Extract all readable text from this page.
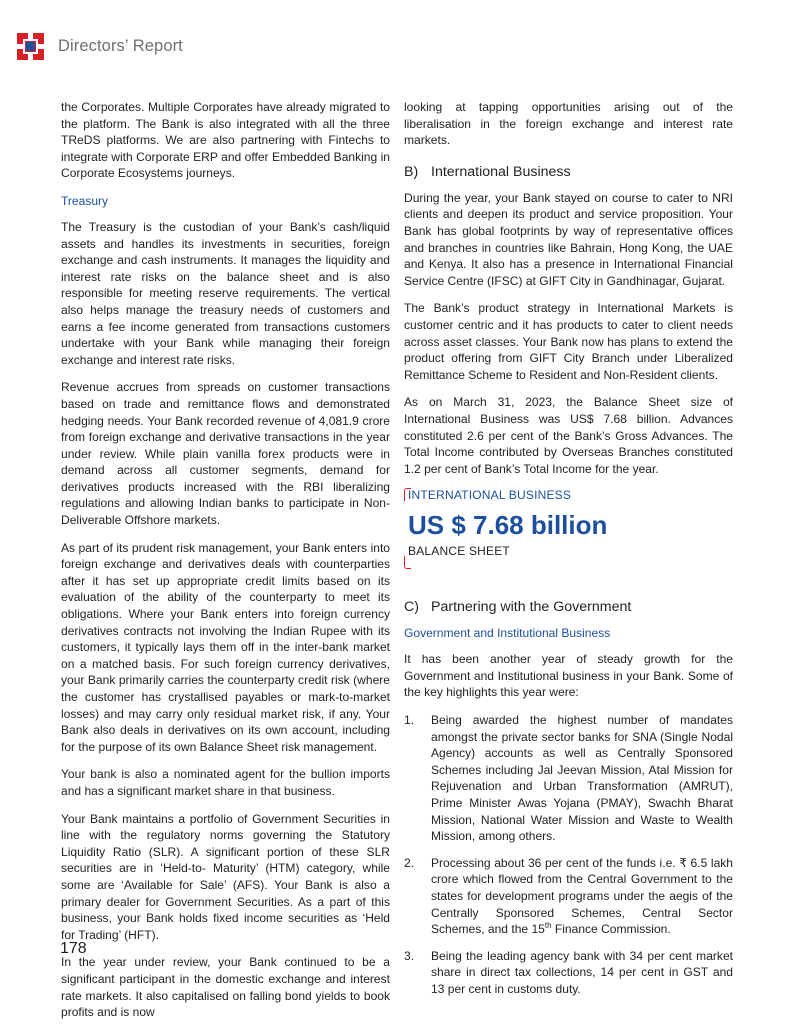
Directors’ Report

the Corporates. Multiple Corporates have already migrated to the platform. The Bank is also integrated with all the three TReDS platforms. We are also partnering with Fintechs to integrate with Corporate ERP and offer Embedded Banking in Corporate Ecosystems journeys.

Treasury

The Treasury is the custodian of your Bank’s cash/liquid assets and handles its investments in securities, foreign exchange and cash instruments. It manages the liquidity and interest rate risks on the balance sheet and is also responsible for meeting reserve requirements. The vertical also helps manage the treasury needs of customers and earns a fee income generated from transactions customers undertake with your Bank while managing their foreign exchange and interest rate risks.

Revenue accrues from spreads on customer transactions based on trade and remittance flows and demonstrated hedging needs. Your Bank recorded revenue of 4,081.9 crore from foreign exchange and derivative transactions in the year under review. While plain vanilla forex products were in demand across all customer segments, demand for derivatives products increased with the RBI liberalizing regulations and allowing Indian banks to participate in Non-Deliverable Offshore markets.

As part of its prudent risk management, your Bank enters into foreign exchange and derivatives deals with counterparties after it has set up appropriate credit limits based on its evaluation of the ability of the counterparty to meet its obligations. Where your Bank enters into foreign currency derivatives contracts not involving the Indian Rupee with its customers, it typically lays them off in the inter-bank market on a matched basis. For such foreign currency derivatives, your Bank primarily carries the counterparty credit risk (where the customer has crystallised payables or mark-to-market losses) and may carry only residual market risk, if any. Your Bank also deals in derivatives on its own account, including for the purpose of its own Balance Sheet risk management.

Your bank is also a nominated agent for the bullion imports and has a significant market share in that business.

Your Bank maintains a portfolio of Government Securities in line with the regulatory norms governing the Statutory Liquidity Ratio (SLR). A significant portion of these SLR securities are in ‘Held-to- Maturity’ (HTM) category, while some are ‘Available for Sale’ (AFS). Your Bank is also a primary dealer for Government Securities. As a part of this business, your Bank holds fixed income securities as ‘Held for Trading’ (HFT).

In the year under review, your Bank continued to be a significant participant in the domestic exchange and interest rate markets. It also capitalised on falling bond yields to book profits and is now

looking at tapping opportunities arising out of the liberalisation in the foreign exchange and interest rate markets.

B) International Business

During the year, your Bank stayed on course to cater to NRI clients and deepen its product and service proposition. Your Bank has global footprints by way of representative offices and branches in countries like Bahrain, Hong Kong, the UAE and Kenya. It also has a presence in International Financial Service Centre (IFSC) at GIFT City in Gandhinagar, Gujarat.

The Bank’s product strategy in International Markets is customer centric and it has products to cater to client needs across asset classes. Your Bank now has plans to extend the product offering from GIFT City Branch under Liberalized Remittance Scheme to Resident and Non-Resident clients.

As on March 31, 2023, the Balance Sheet size of International Business was US$ 7.68 billion. Advances constituted 2.6 per cent of the Bank’s Gross Advances. The Total Income contributed by Overseas Branches constituted 1.2 per cent of Bank’s Total Income for the year.

INTERNATIONAL BUSINESS
US $ 7.68 billion
BALANCE SHEET
C) Partnering with the Government
Government and Institutional Business

It has been another year of steady growth for the Government and Institutional business in your Bank. Some of the key highlights this year were:

1.	Being awarded the highest number of mandates amongst the private sector banks for SNA (Single Nodal Agency) accounts as well as Centrally Sponsored Schemes including Jal Jeevan Mission, Atal Mission for Rejuvenation and Urban Transformation (AMRUT), Prime Minister Awas Yojana (PMAY), Swachh Bharat Mission, National Water Mission and Waste to Wealth Mission, among others.
2.	Processing about 36 per cent of the funds i.e. ₹ 6.5 lakh crore which flowed from the Central Government to the states for development programs under the aegis of the Centrally Sponsored Schemes, Central Sector Schemes, and the 15th Finance Commission.
3.	Being the leading agency bank with 34 per cent market share in direct tax collections, 14 per cent in GST and 13 per cent in customs duty.
178
